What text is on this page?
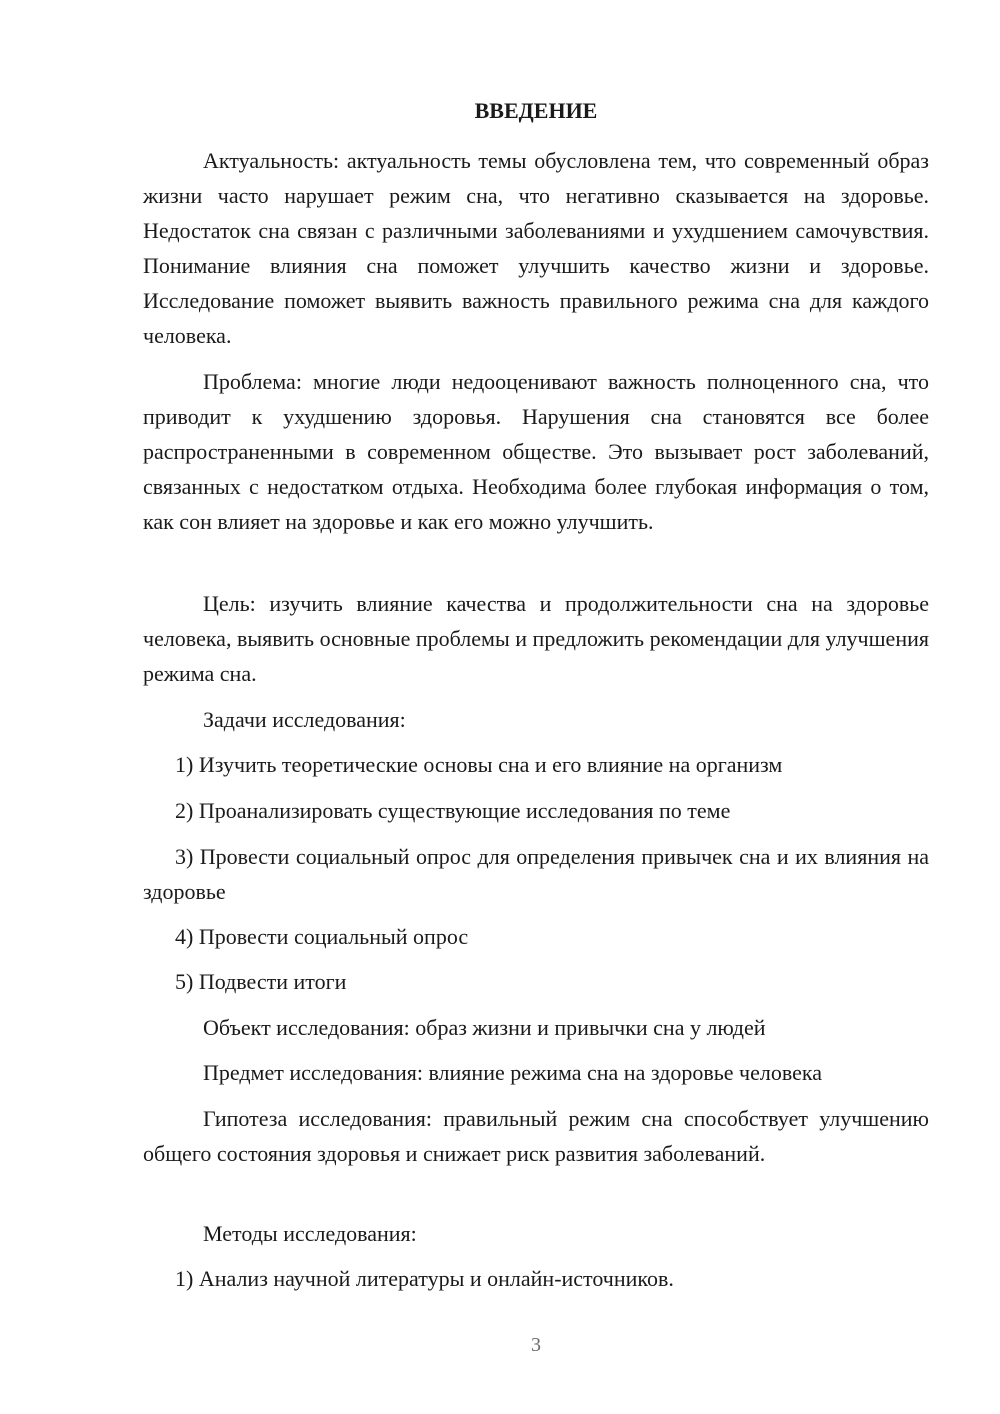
ВВЕДЕНИЕ

Актуальность: актуальность темы обусловлена тем, что современный образ жизни часто нарушает режим сна, что негативно сказывается на здоровье. Недостаток сна связан с различными заболеваниями и ухудшением самочувствия. Понимание влияния сна поможет улучшить качество жизни и здоровье. Исследование поможет выявить важность правильного режима сна для каждого человека.

Проблема: многие люди недооценивают важность полноценного сна, что приводит к ухудшению здоровья. Нарушения сна становятся все более распространенными в современном обществе. Это вызывает рост заболеваний, связанных с недостатком отдыха. Необходима более глубокая информация о том, как сон влияет на здоровье и как его можно улучшить.

Цель: изучить влияние качества и продолжительности сна на здоровье человека, выявить основные проблемы и предложить рекомендации для улучшения режима сна.

Задачи исследования:

1) Изучить теоретические основы сна и его влияние на организм

2) Проанализировать существующие исследования по теме

3) Провести социальный опрос для определения привычек сна и их влияния на здоровье

4) Провести социальный опрос

5) Подвести итоги

Объект исследования: образ жизни и привычки сна у людей

Предмет исследования: влияние режима сна на здоровье человека

Гипотеза исследования: правильный режим сна способствует улучшению общего состояния здоровья и снижает риск развития заболеваний.

Методы исследования:

1) Анализ научной литературы и онлайн-источников.

3
